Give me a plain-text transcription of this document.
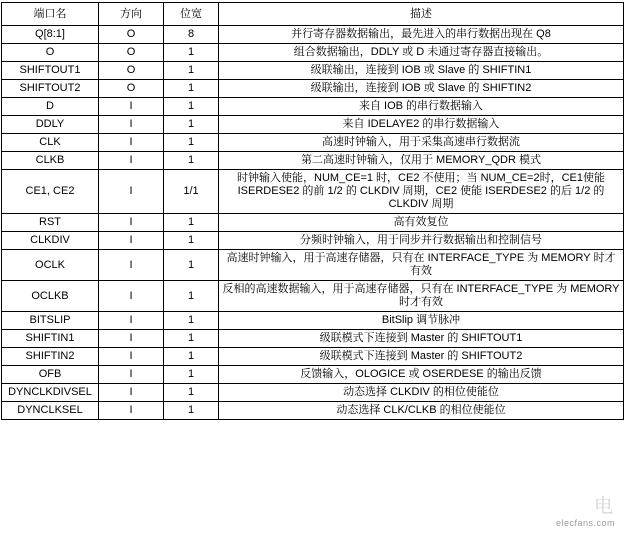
端口名	方向	位宽	描述
Q[8:1]	O	8	并行寄存器数据输出，最先进入的串行数据出现在 Q8
O	O	1	组合数据输出，DDLY 或 D 未通过寄存器直接输出。
SHIFTOUT1	O	1	级联输出，连接到 IOB 或 Slave 的 SHIFTIN1
SHIFTOUT2	O	1	级联输出，连接到 IOB 或 Slave 的 SHIFTIN2
D	I	1	来自 IOB 的串行数据输入
DDLY	I	1	来自 IDELAYE2 的串行数据输入
CLK	I	1	高速时钟输入，用于采集高速串行数据流
CLKB	I	1	第二高速时钟输入，仅用于 MEMORY_QDR 模式
CE1, CE2	I	1/1	时钟输入使能，NUM_CE=1 时，CE2 不使用；当 NUM_CE=2时，CE1使能 ISERDESE2 的前 1/2 的 CLKDIV 周期，CE2 使能 ISERDESE2 的后 1/2 的 CLKDIV 周期
RST	I	1	高有效复位
CLKDIV	I	1	分频时钟输入，用于同步并行数据输出和控制信号
OCLK	I	1	高速时钟输入，用于高速存储器，只有在 INTERFACE_TYPE 为 MEMORY 时才有效
OCLKB	I	1	反相的高速数据输入，用于高速存储器，只有在 INTERFACE_TYPE 为 MEMORY 时才有效
BITSLIP	I	1	BitSlip 调节脉冲
SHIFTIN1	I	1	级联模式下连接到 Master 的 SHIFTOUT1
SHIFTIN2	I	1	级联模式下连接到 Master 的 SHIFTOUT2
OFB	I	1	反馈输入，OLOGICE 或 OSERDESE 的输出反馈
DYNCLKDIVSEL	I	1	动态选择 CLKDIV 的相位使能位
DYNCLKSEL	I	1	动态选择 CLK/CLKB 的相位使能位
电
elecfans.com
